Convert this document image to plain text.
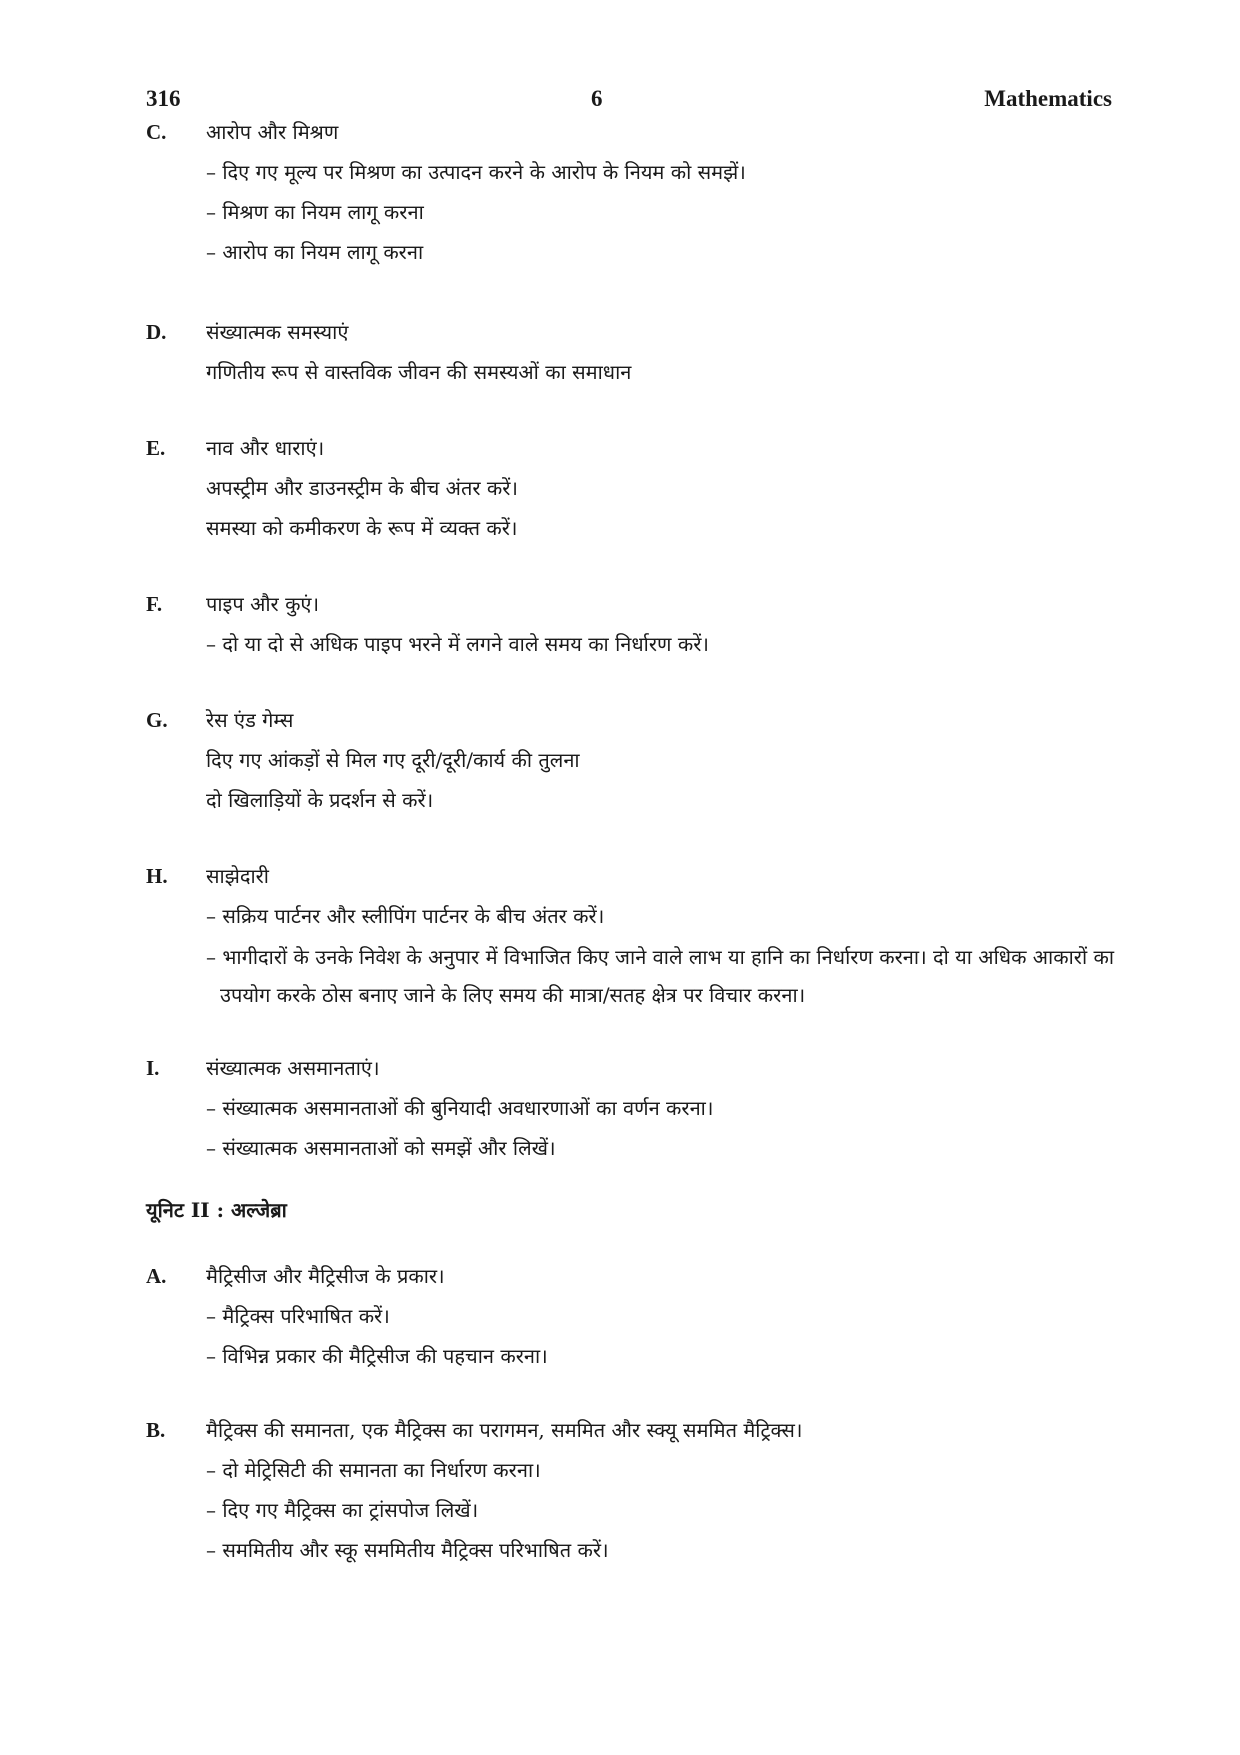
316	6	Mathematics
C. आरोप और मिश्रण
– दिए गए मूल्य पर मिश्रण का उत्पादन करने के आरोप के नियम को समझें।
– मिश्रण का नियम लागू करना
– आरोप का नियम लागू करना
D. संख्यात्मक समस्याएं
गणितीय रूप से वास्तविक जीवन की समस्यओं का समाधान
E. नाव और धाराएं।
अपस्ट्रीम और डाउनस्ट्रीम के बीच अंतर करें।
समस्या को कमीकरण के रूप में व्यक्त करें।
F. पाइप और कुएं।
– दो या दो से अधिक पाइप भरने में लगने वाले समय का निर्धारण करें।
G. रेस एंड गेम्स
दिए गए आंकड़ों से मिल गए दूरी/दूरी/कार्य की तुलना
दो खिलाड़ियों के प्रदर्शन से करें।
H. साझेदारी
– सक्रिय पार्टनर और स्लीपिंग पार्टनर के बीच अंतर करें।
– भागीदारों के उनके निवेश के अनुपार में विभाजित किए जाने वाले लाभ या हानि का निर्धारण करना। दो या अधिक आकारों का उपयोग करके ठोस बनाए जाने के लिए समय की मात्रा/सतह क्षेत्र पर विचार करना।
I. संख्यात्मक असमानताएं।
– संख्यात्मक असमानताओं की बुनियादी अवधारणाओं का वर्णन करना।
– संख्यात्मक असमानताओं को समझें और लिखें।
यूनिट II : अल्जेब्रा
A. मैट्रिसीज और मैट्रिसीज के प्रकार।
– मैट्रिक्स परिभाषित करें।
– विभिन्न प्रकार की मैट्रिसीज की पहचान करना।
B. मैट्रिक्स की समानता, एक मैट्रिक्स का परागमन, सममित और स्क्यू सममित मैट्रिक्स।
– दो मेट्रिसिटी की समानता का निर्धारण करना।
– दिए गए मैट्रिक्स का ट्रांसपोज लिखें।
– सममितीय और स्कू सममितीय मैट्रिक्स परिभाषित करें।
